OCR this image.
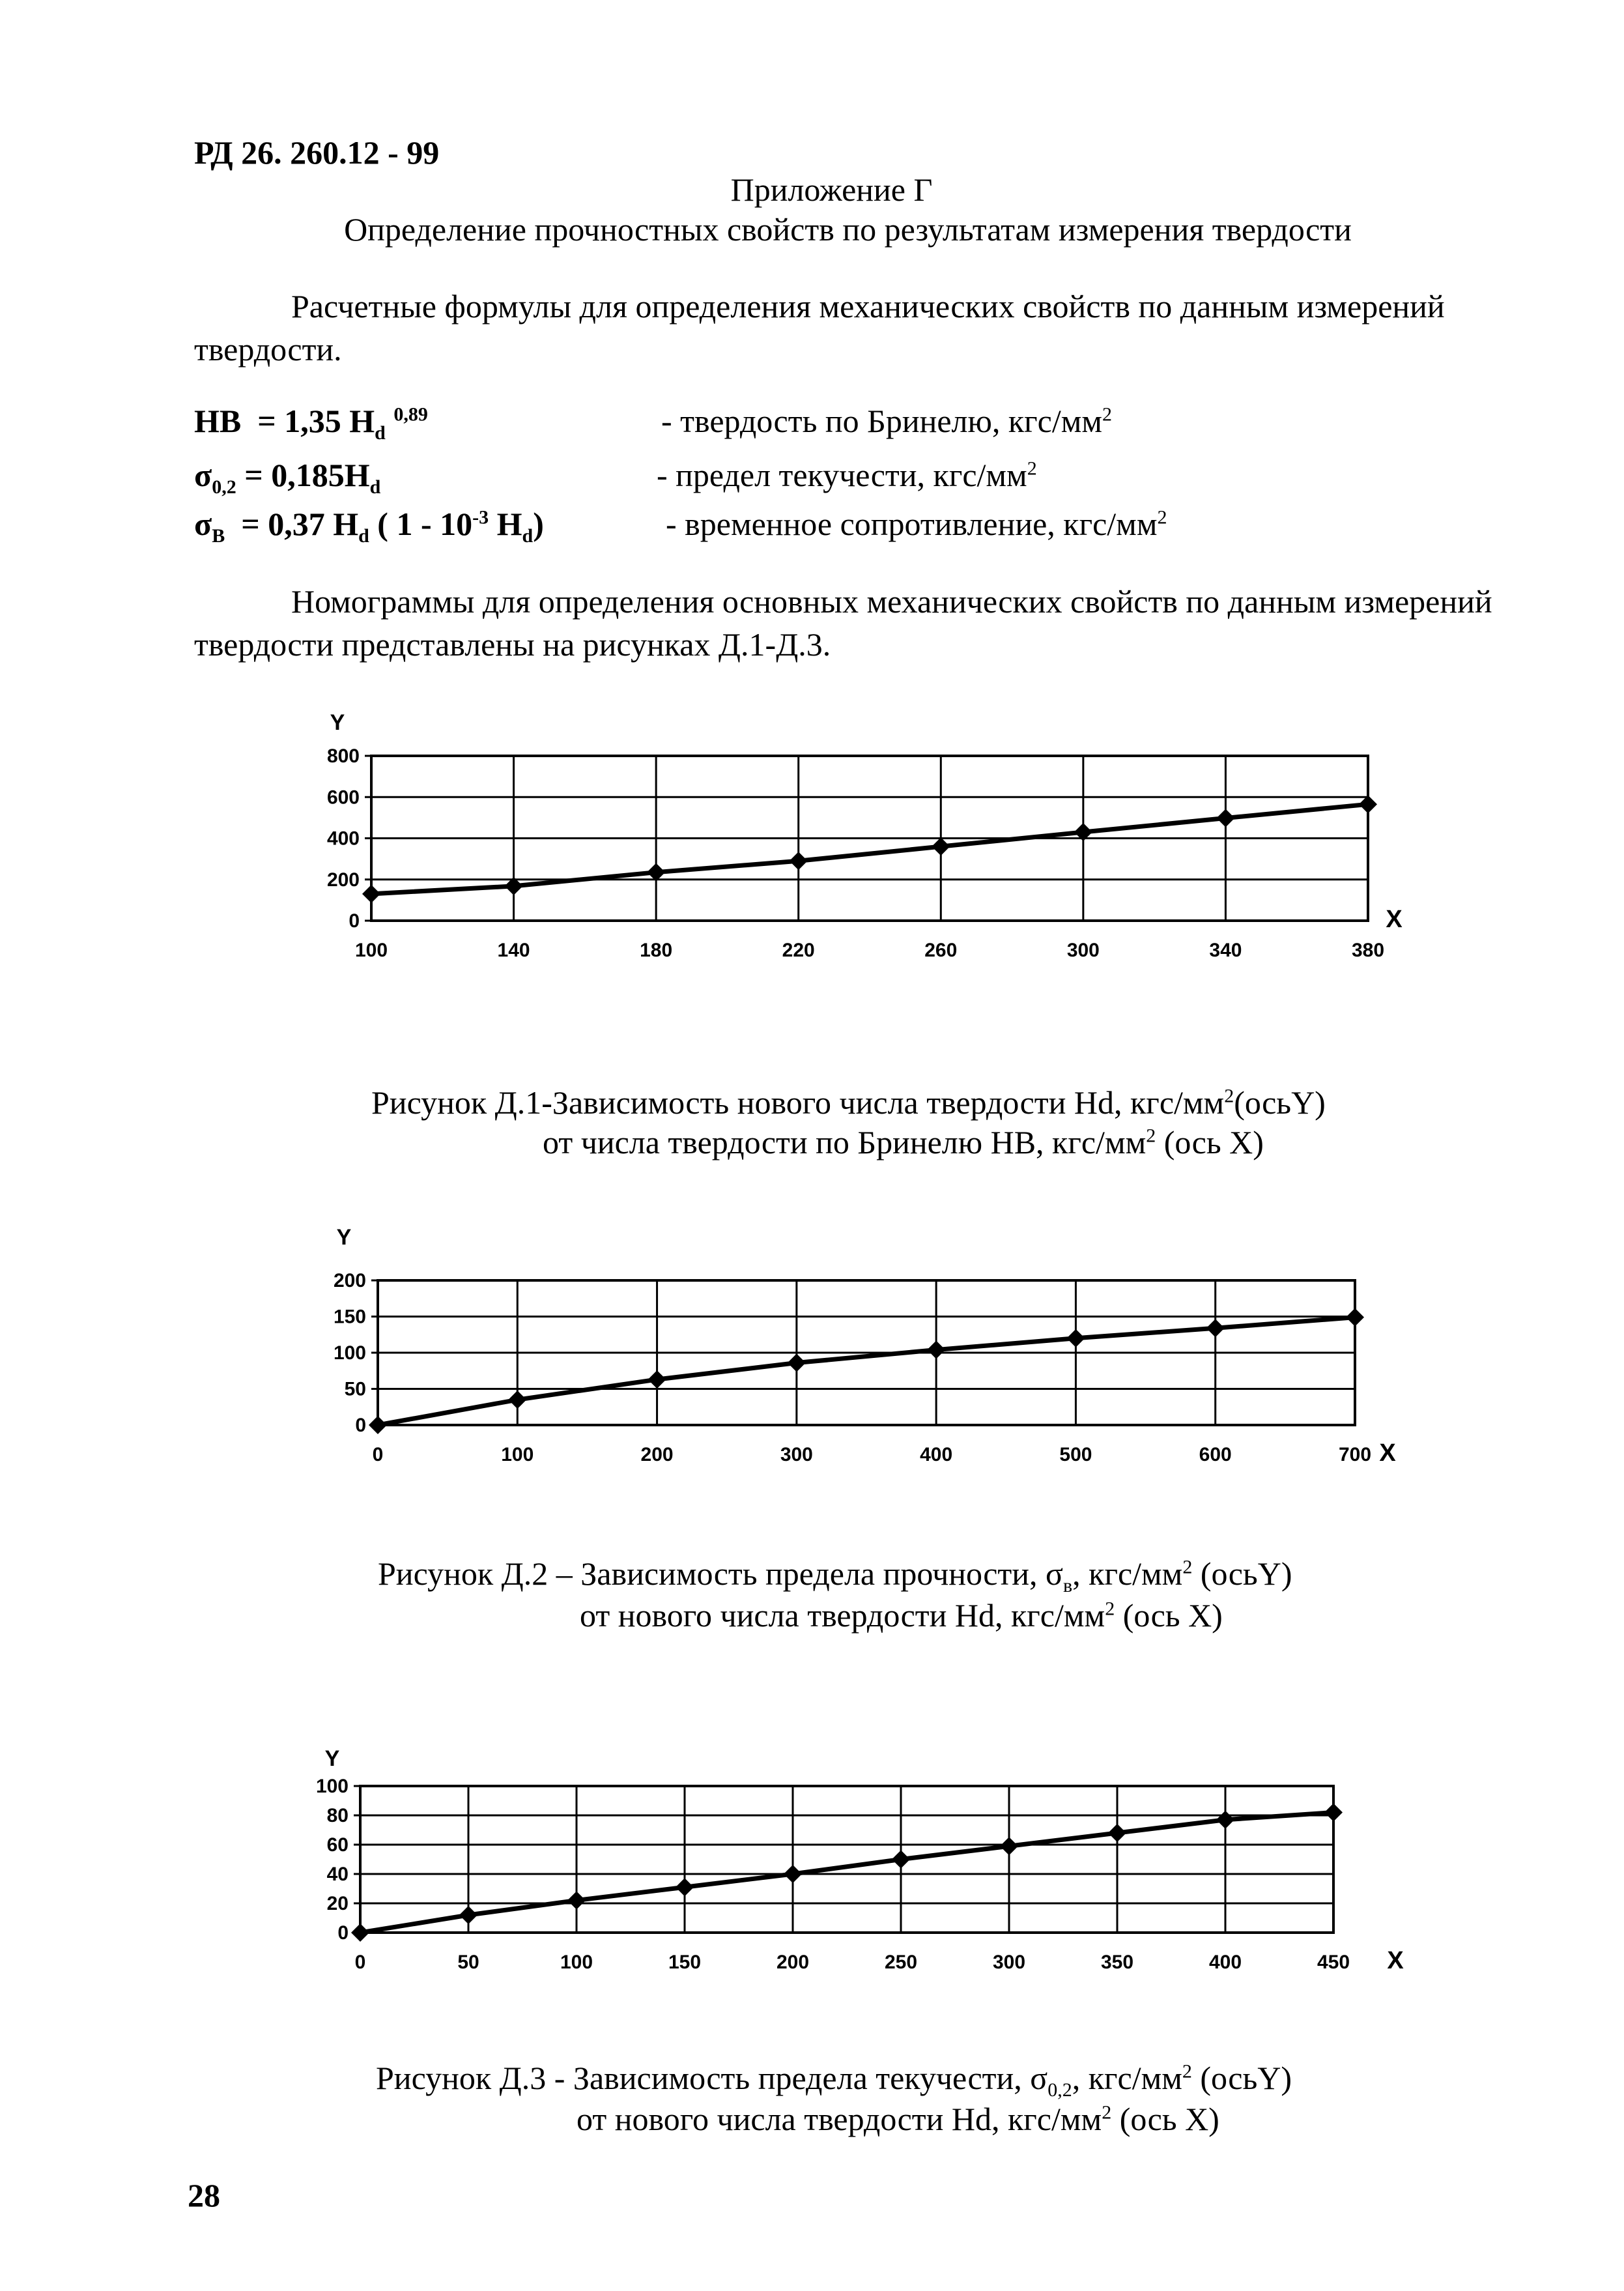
РД 26. 260.12 - 99
Приложение Г
Определение прочностных свойств по результатам измерения твердости
Расчетные формулы для определения механических свойств по данным измерений
твердости.
HB = 1,35 $H_d$ $^{0,89}$	- твердость по Бринелю, кгс/$мм^2$
$\sigma_{0,2} = 0,185H_d$	- предел текучести, кгс/$мм^2$
$\sigma_B = 0,37$ $H_d$ ( $1 - 10^{-3}$ $H_d$)	- временное сопротивление, кгс/$мм^2$
Номограммы для определения основных механических свойств по данным измерений
твердости представлены на рисунках Д.1-Д.3.
0
200
400
600
800
100	140	180	220	260	300	340	380
Y
X
Рисунок Д.1-Зависимость нового числа твердости Hd, кгс/$мм^2(осьY)$
от числа твердости по Бринелю HB, кгс/$мм^2$ (ось X)
0
50
100
150
200
0	100	200	300	400	500	600	700
Y
X
Рисунок Д.2 – Зависимость предела прочности, $\sigma_в$, кгс/$мм^2$ (осьY)
от нового числа твердости Hd, кгс/$мм^2$ (ось X)
0
20
40
60
80
100
0	50	100	150	200	250	300	350	400	450
Y
X
Рисунок Д.3 - Зависимость предела текучести, $\sigma_{0,2}$, кгс/$мм^2$ (осьY)
от нового числа твердости Hd, кгс/$мм^2$ (ось X)
28
